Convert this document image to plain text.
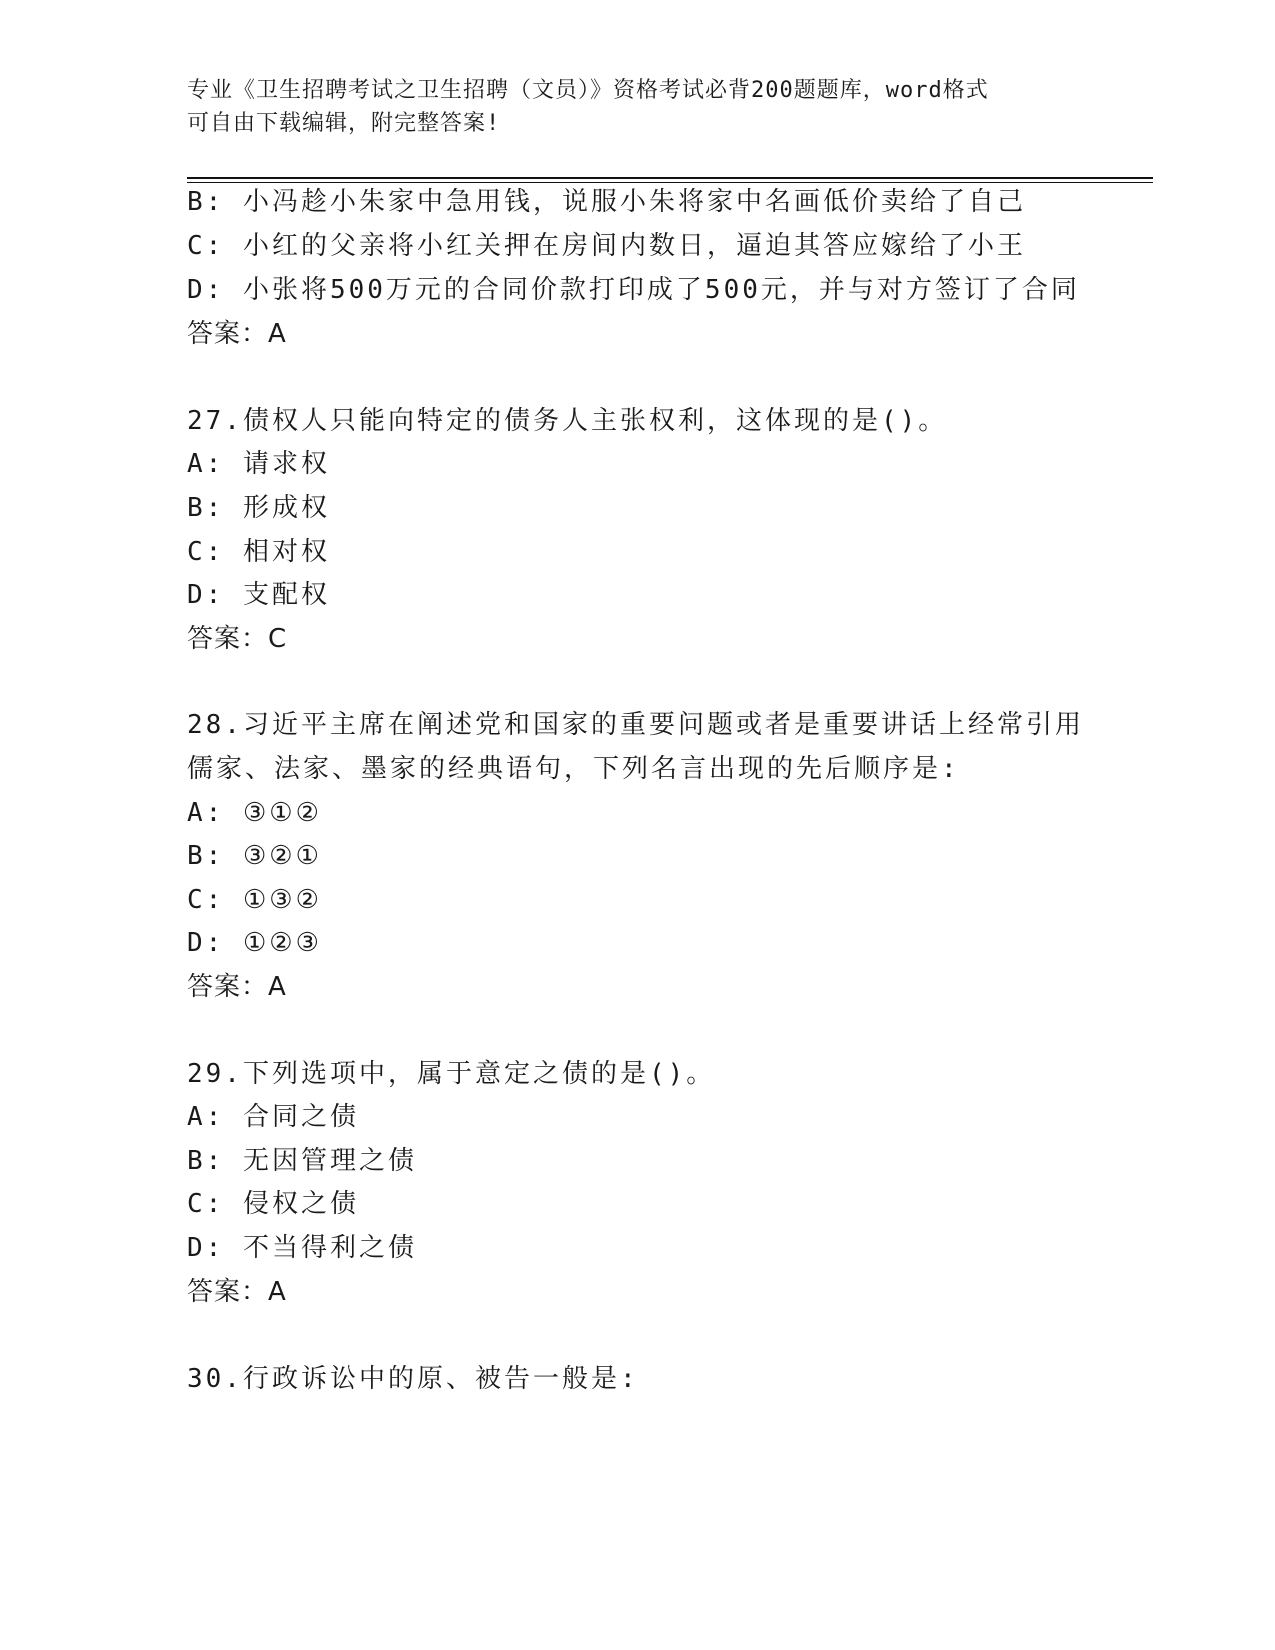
专业《卫生招聘考试之卫生招聘（文员）》资格考试必背200题题库，word格式
可自由下载编辑，附完整答案!
B: 小冯趁小朱家中急用钱，说服小朱将家中名画低价卖给了自己
C: 小红的父亲将小红关押在房间内数日，逼迫其答应嫁给了小王
D: 小张将500万元的合同价款打印成了500元，并与对方签订了合同
答案：A
27.债权人只能向特定的债务人主张权利，这体现的是()。
A: 请求权
B: 形成权
C: 相对权
D: 支配权
答案：C
28.习近平主席在阐述党和国家的重要问题或者是重要讲话上经常引用
儒家、法家、墨家的经典语句，下列名言出现的先后顺序是:
A: ③①②
B: ③②①
C: ①③②
D: ①②③
答案：A
29.下列选项中，属于意定之债的是()。
A: 合同之债
B: 无因管理之债
C: 侵权之债
D: 不当得利之债
答案：A
30.行政诉讼中的原、被告一般是:
